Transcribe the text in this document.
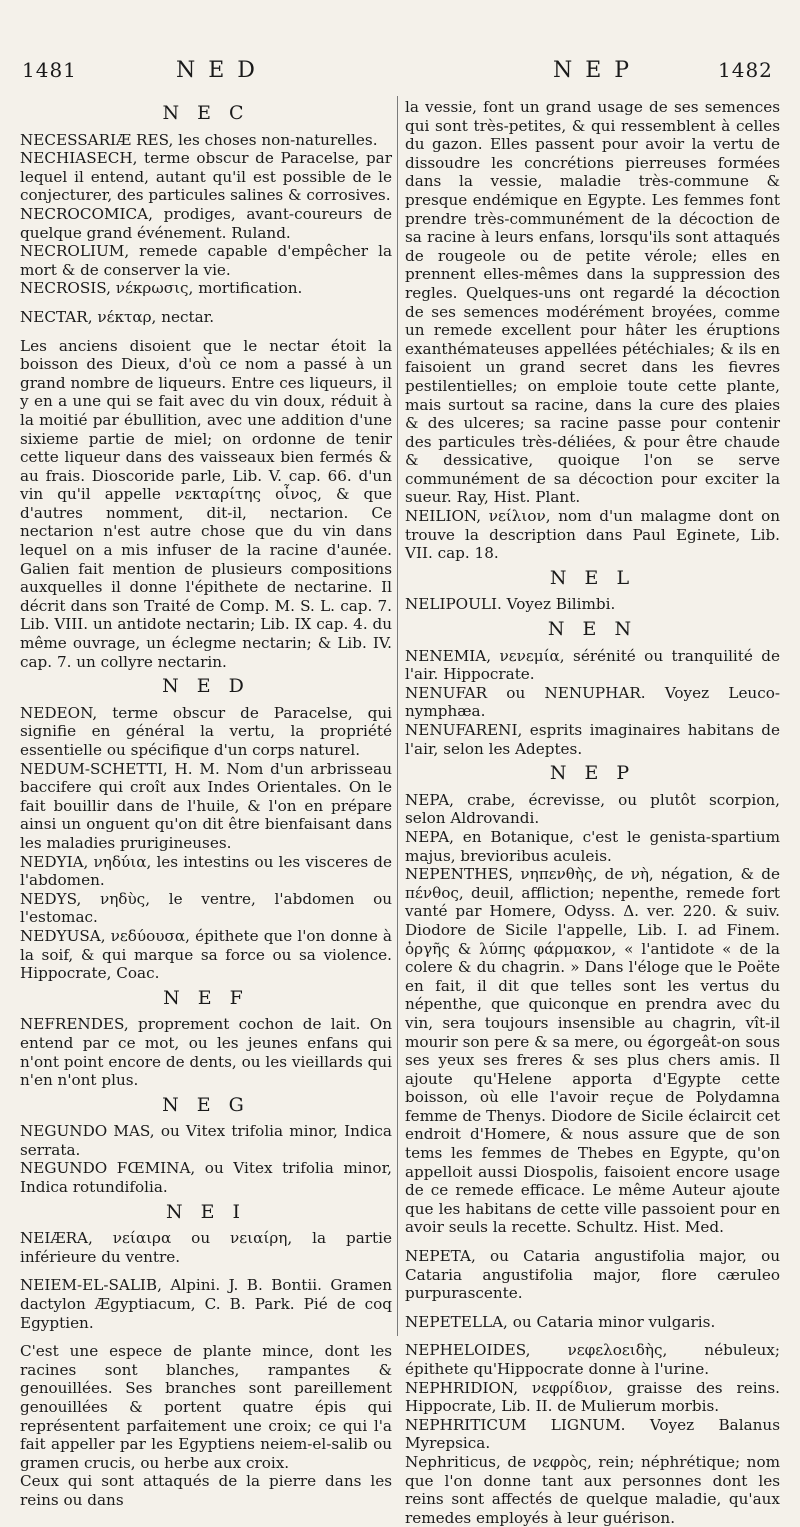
1481	N E D	N E P	1482
N E C
NECESSARIÆ RES, les choses non-naturelles.
NECHIASECH, terme obscur de Paracelse, par lequel il entend, autant qu'il est possible de le conjecturer, des particules salines & corrosives.
NECROCOMICA, prodiges, avant-coureurs de quelque grand événement. Ruland.
NECROLIUM, remede capable d'empêcher la mort & de conserver la vie.
NECROSIS, νέκρωσις, mortification.
NECTAR, νέκταρ, nectar.
Les anciens disoient que le nectar étoit la boisson des Dieux, d'où ce nom a passé à un grand nombre de liqueurs. Entre ces liqueurs, il y en a une qui se fait avec du vin doux, réduit à la moitié par ébullition, avec une addition d'une sixieme partie de miel; on ordonne de tenir cette liqueur dans des vaisseaux bien fermés & au frais. Dioscoride parle, Lib. V. cap. 66. d'un vin qu'il appelle νεκταρίτης οἶνος, & que d'autres nomment, dit-il, nectarion. Ce nectarion n'est autre chose que du vin dans lequel on a mis infuser de la racine d'aunée. Galien fait mention de plusieurs compositions auxquelles il donne l'épithete de nectarine. Il décrit dans son Traité de Comp. M. S. L. cap. 7. Lib. VIII. un antidote nectarin; Lib. IX cap. 4. du même ouvrage, un éclegme nectarin; & Lib. IV. cap. 7. un collyre nectarin.
N E D
NEDEON, terme obscur de Paracelse, qui signifie en général la vertu, la propriété essentielle ou spécifique d'un corps naturel.
NEDUM-SCHETTI, H. M. Nom d'un arbrisseau baccifere qui croît aux Indes Orientales. On le fait bouillir dans de l'huile, & l'on en prépare ainsi un onguent qu'on dit être bienfaisant dans les maladies prurigineuses.
NEDYIA, νηδύια, les intestins ou les visceres de l'abdomen.
NEDYS, νηδὺς, le ventre, l'abdomen ou l'estomac.
NEDYUSA, νεδύουσα, épithete que l'on donne à la soif, & qui marque sa force ou sa violence. Hippocrate, Coac.
N E F
NEFRENDES, proprement cochon de lait. On entend par ce mot, ou les jeunes enfans qui n'ont point encore de dents, ou les vieillards qui n'en n'ont plus.
N E G
NEGUNDO MAS, ou Vitex trifolia minor, Indica serrata.
NEGUNDO FŒMINA, ou Vitex trifolia minor, Indica rotundifolia.
N E I
NEIÆRA, νείαιρα ou νειαίρη, la partie inférieure du ventre.
NEIEM-EL-SALIB, Alpini. J. B. Bontii. Gramen dactylon Ægyptiacum, C. B. Park. Pié de coq Egyptien.
C'est une espece de plante mince, dont les racines sont blanches, rampantes & genouillées. Ses branches sont pareillement genouillées & portent quatre épis qui représentent parfaitement une croix; ce qui l'a fait appeller par les Egyptiens neiem-el-salib ou gramen crucis, ou herbe aux croix.
Ceux qui sont attaqués de la pierre dans les reins ou dans
la vessie, font un grand usage de ses semences qui sont très-petites, & qui ressemblent à celles du gazon. Elles passent pour avoir la vertu de dissoudre les concrétions pierreuses formées dans la vessie, maladie très-commune & presque endémique en Egypte. Les femmes font prendre très-communément de la décoction de sa racine à leurs enfans, lorsqu'ils sont attaqués de rougeole ou de petite vérole; elles en prennent elles-mêmes dans la suppression des regles. Quelques-uns ont regardé la décoction de ses semences modérément broyées, comme un remede excellent pour hâter les éruptions exanthémateuses appellées pétéchiales; & ils en faisoient un grand secret dans les fievres pestilentielles; on emploie toute cette plante, mais surtout sa racine, dans la cure des plaies & des ulceres; sa racine passe pour contenir des particules très-déliées, & pour être chaude & dessicative, quoique l'on se serve communément de sa décoction pour exciter la sueur. Ray, Hist. Plant.
NEILION, νείλιον, nom d'un malagme dont on trouve la description dans Paul Eginete, Lib. VII. cap. 18.
N E L
NELIPOULI. Voyez Bilimbi.
N E N
NENEMIA, νενεμία, sérénité ou tranquilité de l'air. Hippocrate.
NENUFAR ou NENUPHAR. Voyez Leuco-nymphæa.
NENUFARENI, esprits imaginaires habitans de l'air, selon les Adeptes.
N E P
NEPA, crabe, écrevisse, ou plutôt scorpion, selon Aldrovandi.
NEPA, en Botanique, c'est le genista-spartium majus, brevioribus aculeis.
NEPENTHES, νηπενθὴς, de νὴ, négation, & de πένθος, deuil, affliction; nepenthe, remede fort vanté par Homere, Odyss. Δ. ver. 220. & suiv. Diodore de Sicile l'appelle, Lib. I. ad Finem. ὀργῆς & λύπης φάρμακον, « l'antidote « de la colere & du chagrin. » Dans l'éloge que le Poëte en fait, il dit que telles sont les vertus du népenthe, que quiconque en prendra avec du vin, sera toujours insensible au chagrin, vît-il mourir son pere & sa mere, ou égorgeât-on sous ses yeux ses freres & ses plus chers amis. Il ajoute qu'Helene apporta d'Egypte cette boisson, où elle l'avoir reçue de Polydamna femme de Thenys. Diodore de Sicile éclaircit cet endroit d'Homere, & nous assure que de son tems les femmes de Thebes en Egypte, qu'on appelloit aussi Diospolis, faisoient encore usage de ce remede efficace. Le même Auteur ajoute que les habitans de cette ville passoient pour en avoir seuls la recette. Schultz. Hist. Med.
NEPETA, ou Cataria angustifolia major, ou Cataria angustifolia major, flore cæruleo purpurascente.
NEPETELLA, ou Cataria minor vulgaris.
NEPHELOIDES, νεφελοειδὴς, nébuleux; épithete qu'Hippocrate donne à l'urine.
NEPHRIDION, νεφρίδιον, graisse des reins. Hippocrate, Lib. II. de Mulierum morbis.
NEPHRITICUM LIGNUM. Voyez Balanus Myrepsica.
Nephriticus, de νεφρὸς, rein; néphrétique; nom que l'on donne tant aux personnes dont les reins sont affectés de quelque maladie, qu'aux remedes employés à leur guérison.
